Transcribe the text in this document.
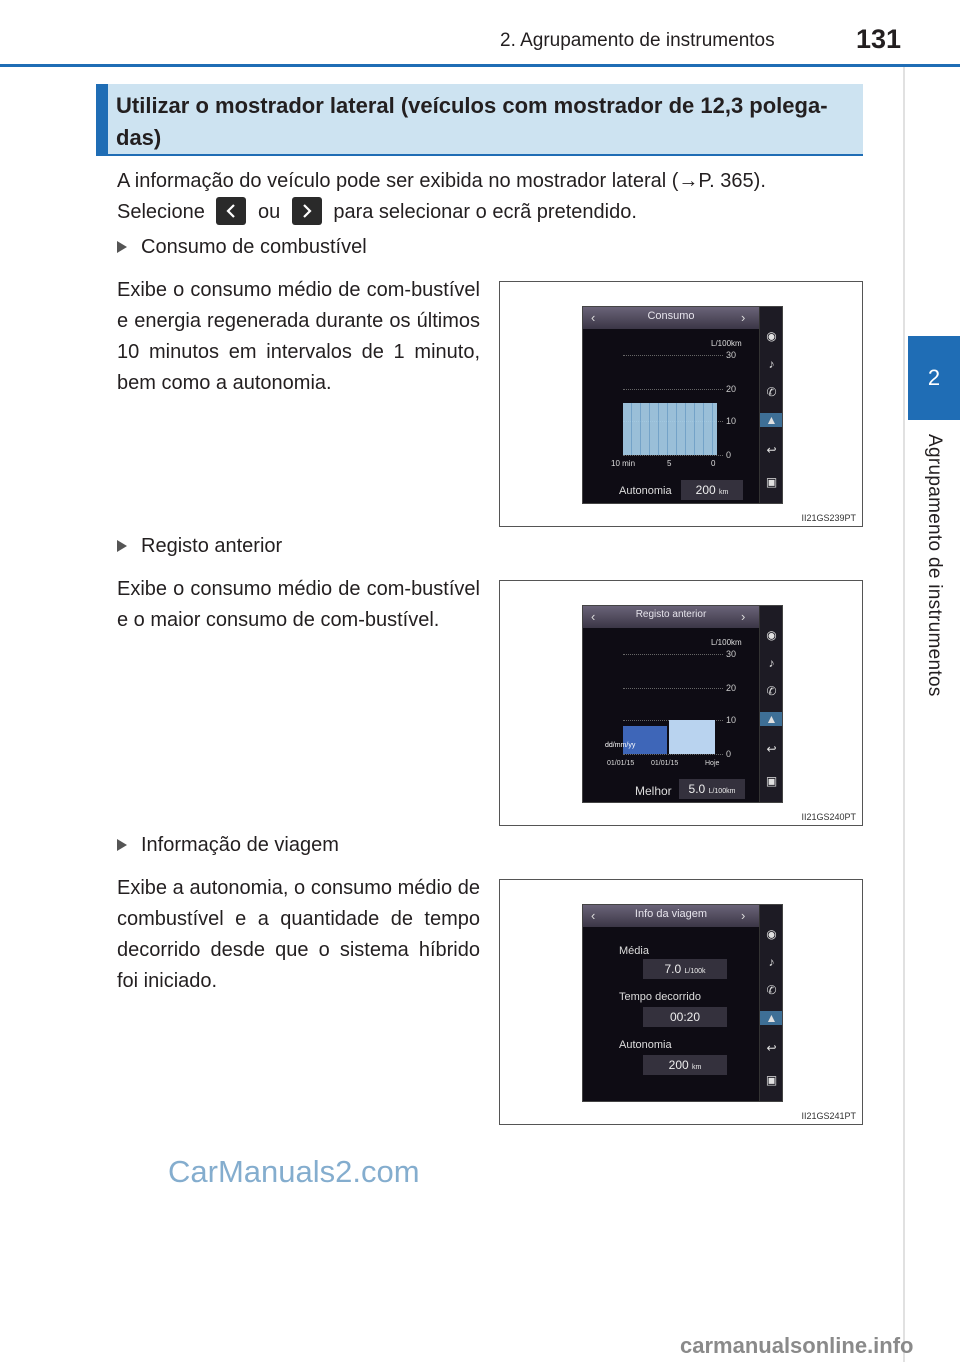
2. Agrupamento de instrumentos	131
2
Agrupamento de instrumentos
Utilizar o mostrador lateral (veículos com mostrador de 12,3 polega-das)
A informação do veículo pode ser exibida no mostrador lateral (→P. 365).
Selecione	ou	para selecionar o ecrã pretendido.
Consumo de combustível
Exibe o consumo médio de com-bustível e energia regenerada durante os últimos 10 minutos em intervalos de 1 minuto, bem como a autonomia.
‹	Consumo	›
◉
♪
✆
▲
↩
▣
L/100km
30
20
10
0
10 min	5	0
Autonomia	200 km
II21GS239PT
Registo anterior
Exibe o consumo médio de com-bustível e o maior consumo de com-bustível.	‹	Registo anterior	›
◉
♪
✆
▲
↩
▣
L/100km
30
20
10
0
dd/mm/yy
01/01/15 01/01/15	Hoje
Melhor	5.0 L/100km
II21GS240PT
Informação de viagem
Exibe a autonomia, o consumo médio de combustível e a quantidade de tempo decorrido desde que o sistema híbrido foi iniciado.
‹	Info da viagem	›
◉
♪
✆
▲
↩
▣
Média
7.0 L/100k
Tempo decorrido
00:20
Autonomia
200 km
II21GS241PT
CarManuals2.com
carmanualsonline.info
